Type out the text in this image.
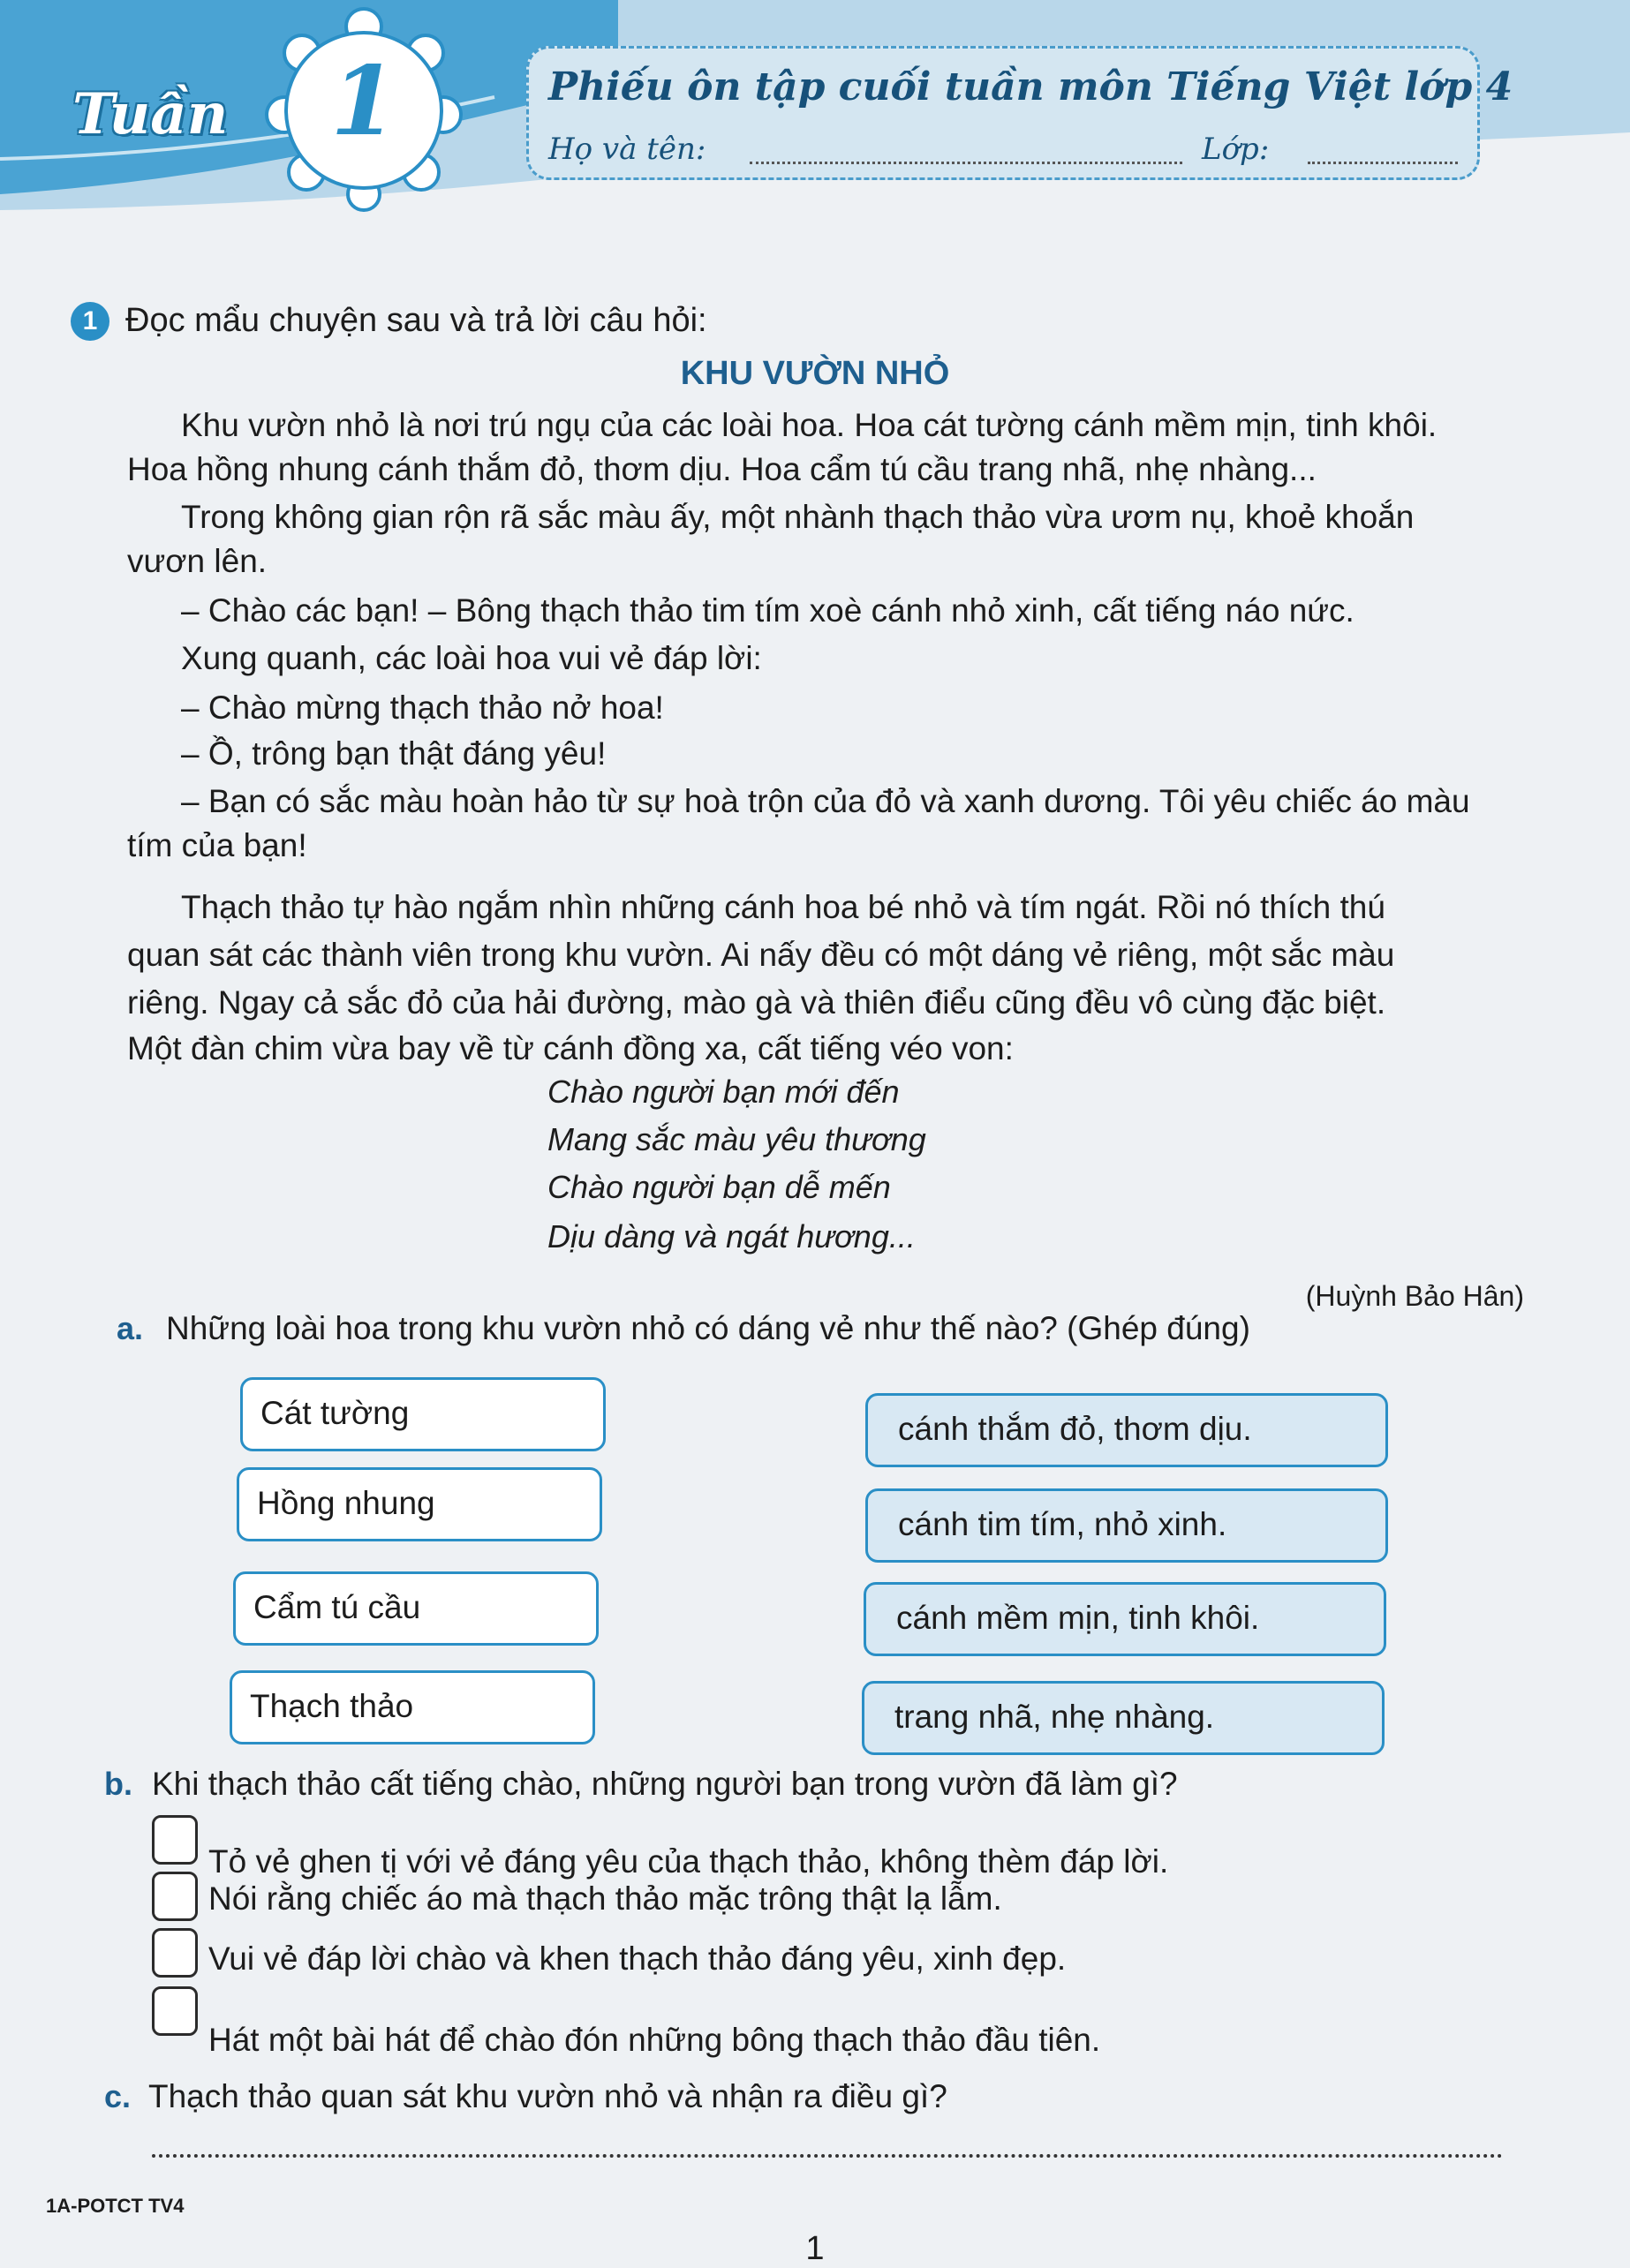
Tuần 1	Phiếu ôn tập cuối tuần môn Tiếng Việt lớp 4
Họ và tên:	Lớp:
1 Đọc mẩu chuyện sau và trả lời câu hỏi:
KHU VƯỜN NHỎ
Khu vườn nhỏ là nơi trú ngụ của các loài hoa. Hoa cát tường cánh mềm mịn, tinh khôi.
Hoa hồng nhung cánh thắm đỏ, thơm dịu. Hoa cẩm tú cầu trang nhã, nhẹ nhàng...
Trong không gian rộn rã sắc màu ấy, một nhành thạch thảo vừa ươm nụ, khoẻ khoắn
vươn lên.
– Chào các bạn! – Bông thạch thảo tim tím xoè cánh nhỏ xinh, cất tiếng náo nức.
Xung quanh, các loài hoa vui vẻ đáp lời:
– Chào mừng thạch thảo nở hoa!
– Ồ, trông bạn thật đáng yêu!
– Bạn có sắc màu hoàn hảo từ sự hoà trộn của đỏ và xanh dương. Tôi yêu chiếc áo màu
tím của bạn!
Thạch thảo tự hào ngắm nhìn những cánh hoa bé nhỏ và tím ngát. Rồi nó thích thú
quan sát các thành viên trong khu vườn. Ai nấy đều có một dáng vẻ riêng, một sắc màu
riêng. Ngay cả sắc đỏ của hải đường, mào gà và thiên điểu cũng đều vô cùng đặc biệt.
Một đàn chim vừa bay về từ cánh đồng xa, cất tiếng véo von:
Chào người bạn mới đến
Mang sắc màu yêu thương
Chào người bạn dễ mến
Dịu dàng và ngát hương...
(Huỳnh Bảo Hân)
a. Những loài hoa trong khu vườn nhỏ có dáng vẻ như thế nào? (Ghép đúng)
Cát tường
Hồng nhung
Cẩm tú cầu
Thạch thảo
cánh thắm đỏ, thơm dịu.
cánh tim tím, nhỏ xinh.
cánh mềm mịn, tinh khôi.
trang nhã, nhẹ nhàng.
b. Khi thạch thảo cất tiếng chào, những người bạn trong vườn đã làm gì?
Tỏ vẻ ghen tị với vẻ đáng yêu của thạch thảo, không thèm đáp lời.
Nói rằng chiếc áo mà thạch thảo mặc trông thật lạ lẫm.
Vui vẻ đáp lời chào và khen thạch thảo đáng yêu, xinh đẹp.
Hát một bài hát để chào đón những bông thạch thảo đầu tiên.
c. Thạch thảo quan sát khu vườn nhỏ và nhận ra điều gì?
1A-POTCT TV4
1
